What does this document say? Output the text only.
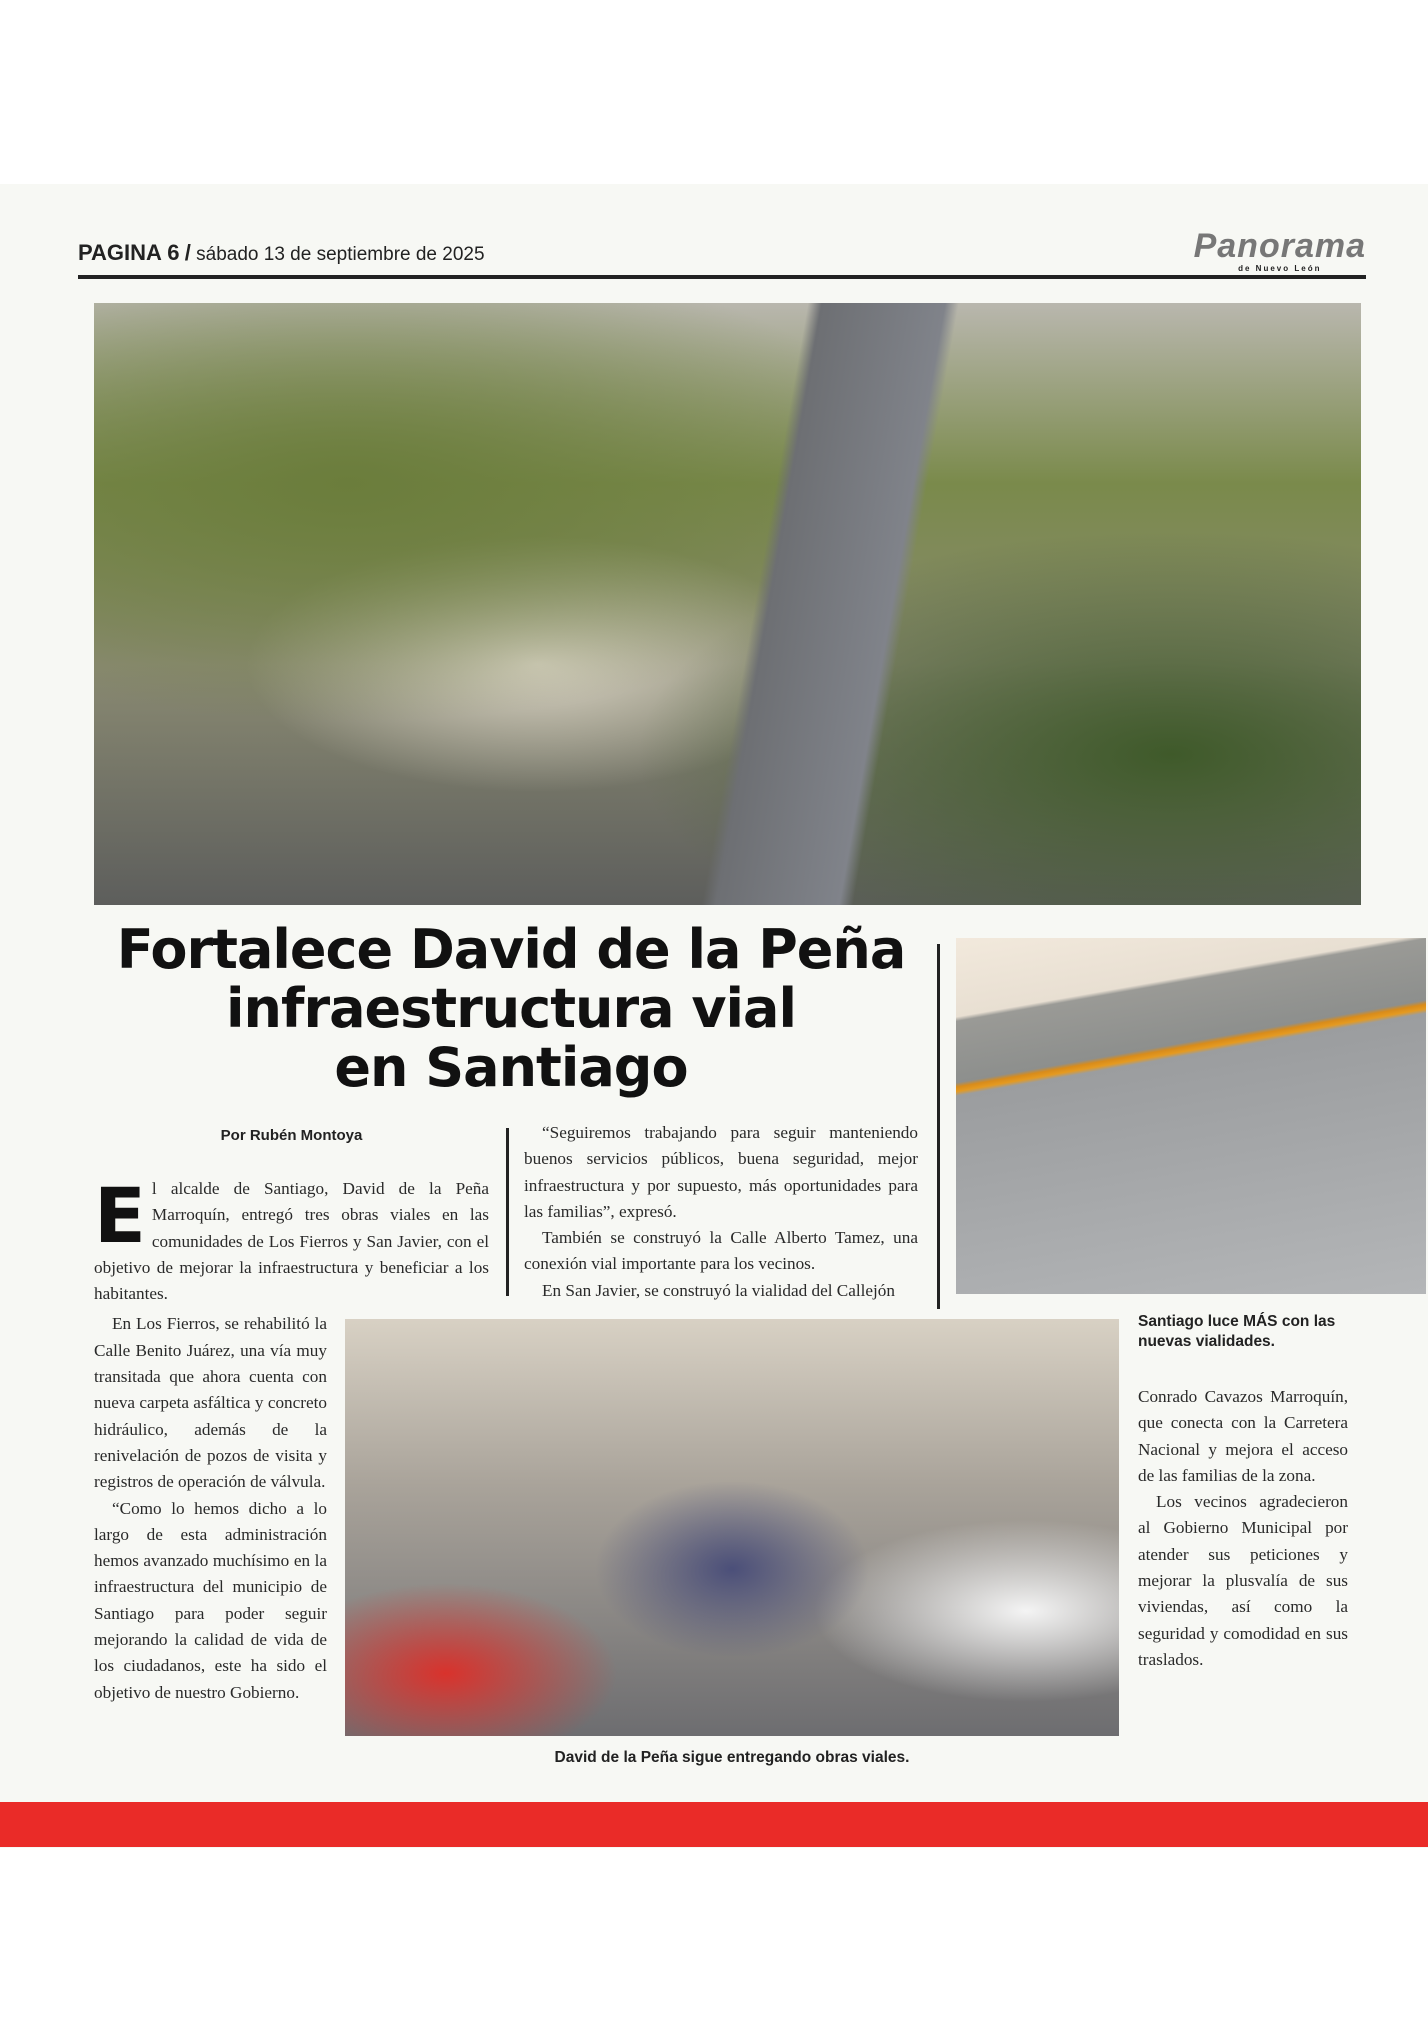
PAGINA 6 / sábado 13 de septiembre de 2025	Panorama
de Nuevo León
Fortalece David de la Peña
infraestructura vial
en Santiago
Por Rubén Montoya
E l alcalde de Santiago, David de la Peña Marroquín, entregó tres obras viales en las comunidades de Los Fierros y San Javier, con el objetivo de mejorar la infraestructura y beneficiar a los habitantes.

En Los Fierros, se rehabilitó la Calle Benito Juárez, una vía muy transitada que ahora cuenta con nueva carpeta asfáltica y concreto hidráulico, además de la renivelación de pozos de visita y registros de operación de válvula.

“Como lo hemos dicho a lo largo de esta administración hemos avanzado muchísimo en la infraestructura del municipio de Santiago para poder seguir mejorando la calidad de vida de los ciudadanos, este ha sido el objetivo de nuestro Gobierno.

“Seguiremos trabajando para seguir manteniendo buenos servicios públicos, buena seguridad, mejor infraestructura y por supuesto, más oportunidades para las familias”, expresó.

También se construyó la Calle Alberto Tamez, una conexión vial importante para los vecinos.

En San Javier, se construyó la vialidad del Callejón

David de la Peña sigue entregando obras viales.
Santiago luce MÁS con las nuevas vialidades.

Conrado Cavazos Marroquín, que conecta con la Carretera Nacional y mejora el acceso de las familias de la zona.

Los vecinos agradecieron al Gobierno Municipal por atender sus peticiones y mejorar la plusvalía de sus viviendas, así como la seguridad y comodidad en sus traslados.
